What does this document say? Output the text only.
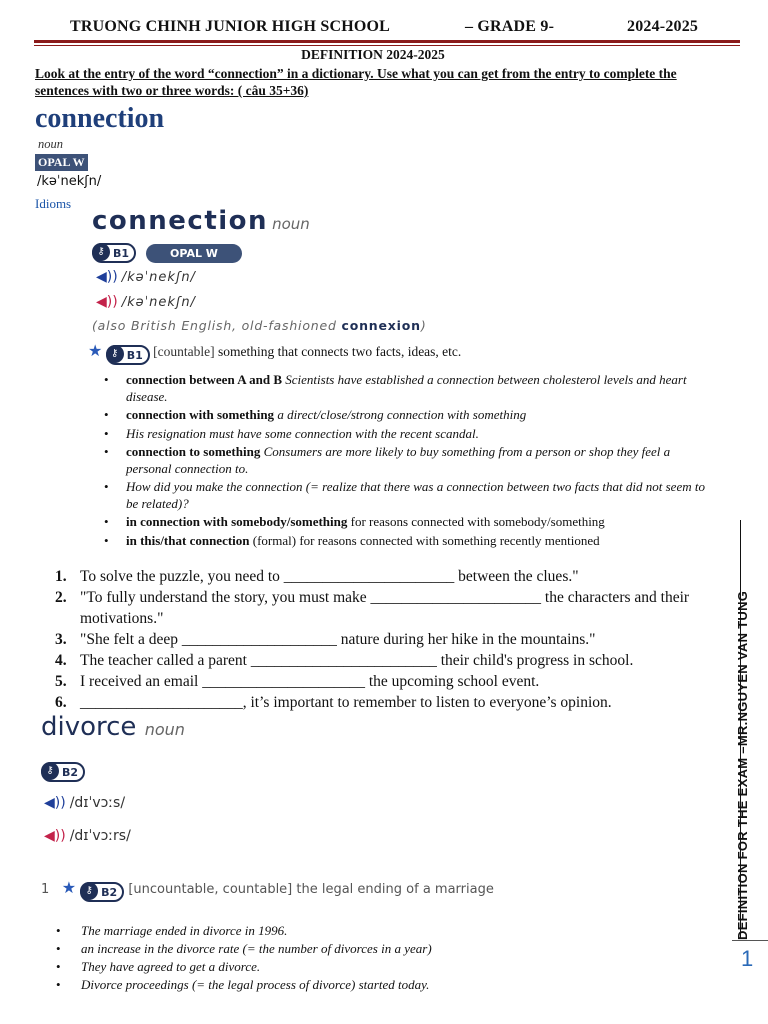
TRUONG CHINH JUNIOR HIGH SCHOOL	– GRADE 9-	2024-2025
DEFINITION 2024-2025
Look at the entry of the word “connection” in a dictionary. Use what you can get from the entry to complete the sentences with two or three words: ( câu 35+36)
connection
noun
OPAL W
/kəˈnekʃn/
Idioms
connection noun
⚷ B1	OPAL W
◀)) /kəˈnekʃn/
◀)) /kəˈnekʃn/
(also British English, old-fashioned connexion)
★ ⚷ B1 [countable] something that connects two facts, ideas, etc.
• connection between A and B Scientists have established a connection between cholesterol levels and heart disease.
• connection with something a direct/close/strong connection with something
• His resignation must have some connection with the recent scandal.
• connection to something Consumers are more likely to buy something from a person or shop they feel a personal connection to.
• How did you make the connection (= realize that there was a connection between two facts that did not seem to be related)?
• in connection with somebody/something for reasons connected with somebody/something
• in this/that connection (formal) for reasons connected with something recently mentioned
1. To solve the puzzle, you need to ______________________ between the clues."
2. "To fully understand the story, you must make ______________________ the characters and their motivations."
3. "She felt a deep ____________________ nature during her hike in the mountains."
4. The teacher called a parent ________________________ their child's progress in school.
5. I received an email _____________________ the upcoming school event.
6. _____________________, it’s important to remember to listen to everyone’s opinion.
divorce noun
⚷ B2
◀)) /dɪˈvɔːs/
◀)) /dɪˈvɔːrs/
1 ★ ⚷ B2 [uncountable, countable] the legal ending of a marriage
• The marriage ended in divorce in 1996.
• an increase in the divorce rate (= the number of divorces in a year)
• They have agreed to get a divorce.
• Divorce proceedings (= the legal process of divorce) started today.
DEFINITION FOR THE EXAM –MR.NGUYEN VAN TUNG
1
